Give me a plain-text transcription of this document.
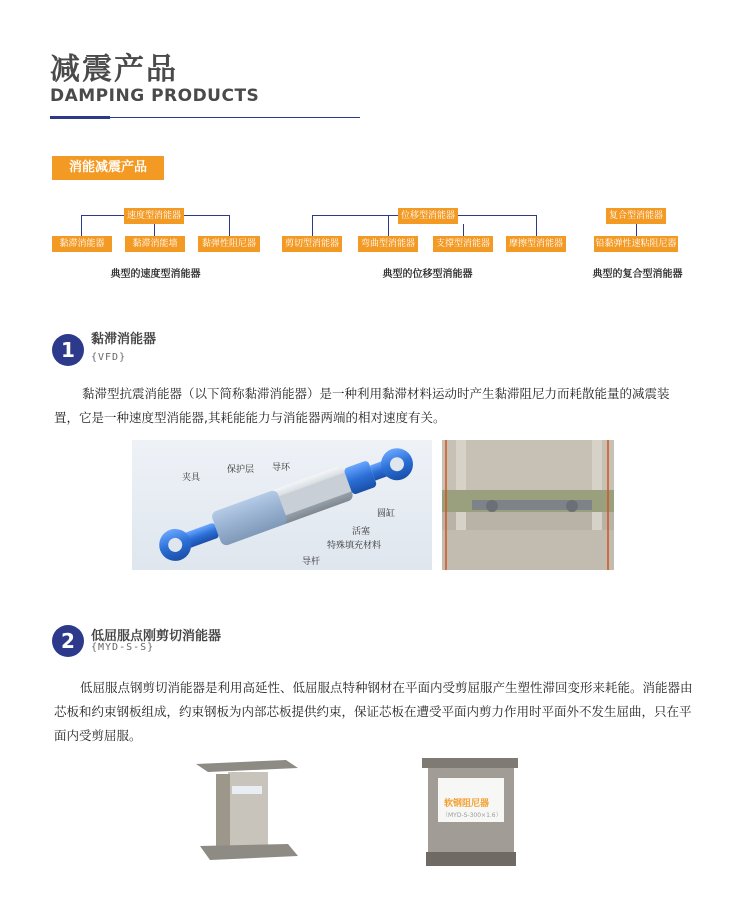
减震产品
DAMPING PRODUCTS
消能减震产品
速度型消能器
黏滞消能器	黏滞消能墙	黏弹性阻尼器
典型的速度型消能器
位移型消能器
剪切型消能器	弯曲型消能器	支撑型消能器	摩擦型消能器
典型的位移型消能器
复合型消能器
铅黏弹性速粘阻尼器
典型的复合型消能器
1	黏滞消能器
{VFD}
黏滞型抗震消能器（以下简称黏滞消能器）是一种利用黏滞材料运动时产生黏滞阻尼力而耗散能量的减震装置，它是一种速度型消能器,其耗能能力与消能器两端的相对速度有关。
夹具
保护层 导环
圆缸
活塞
特殊填充材料
导杆
2	低屈服点刚剪切消能器
{MYD-S-S}
低屈服点钢剪切消能器是利用高延性、低屈服点特种钢材在平面内受剪屈服产生塑性滞回变形来耗能。消能器由芯板和约束钢板组成，约束钢板为内部芯板提供约束，保证芯板在遭受平面内剪力作用时平面外不发生屈曲，只在平面内受剪屈服。
软钢阻尼器
（MYD-S-300×1.6）
